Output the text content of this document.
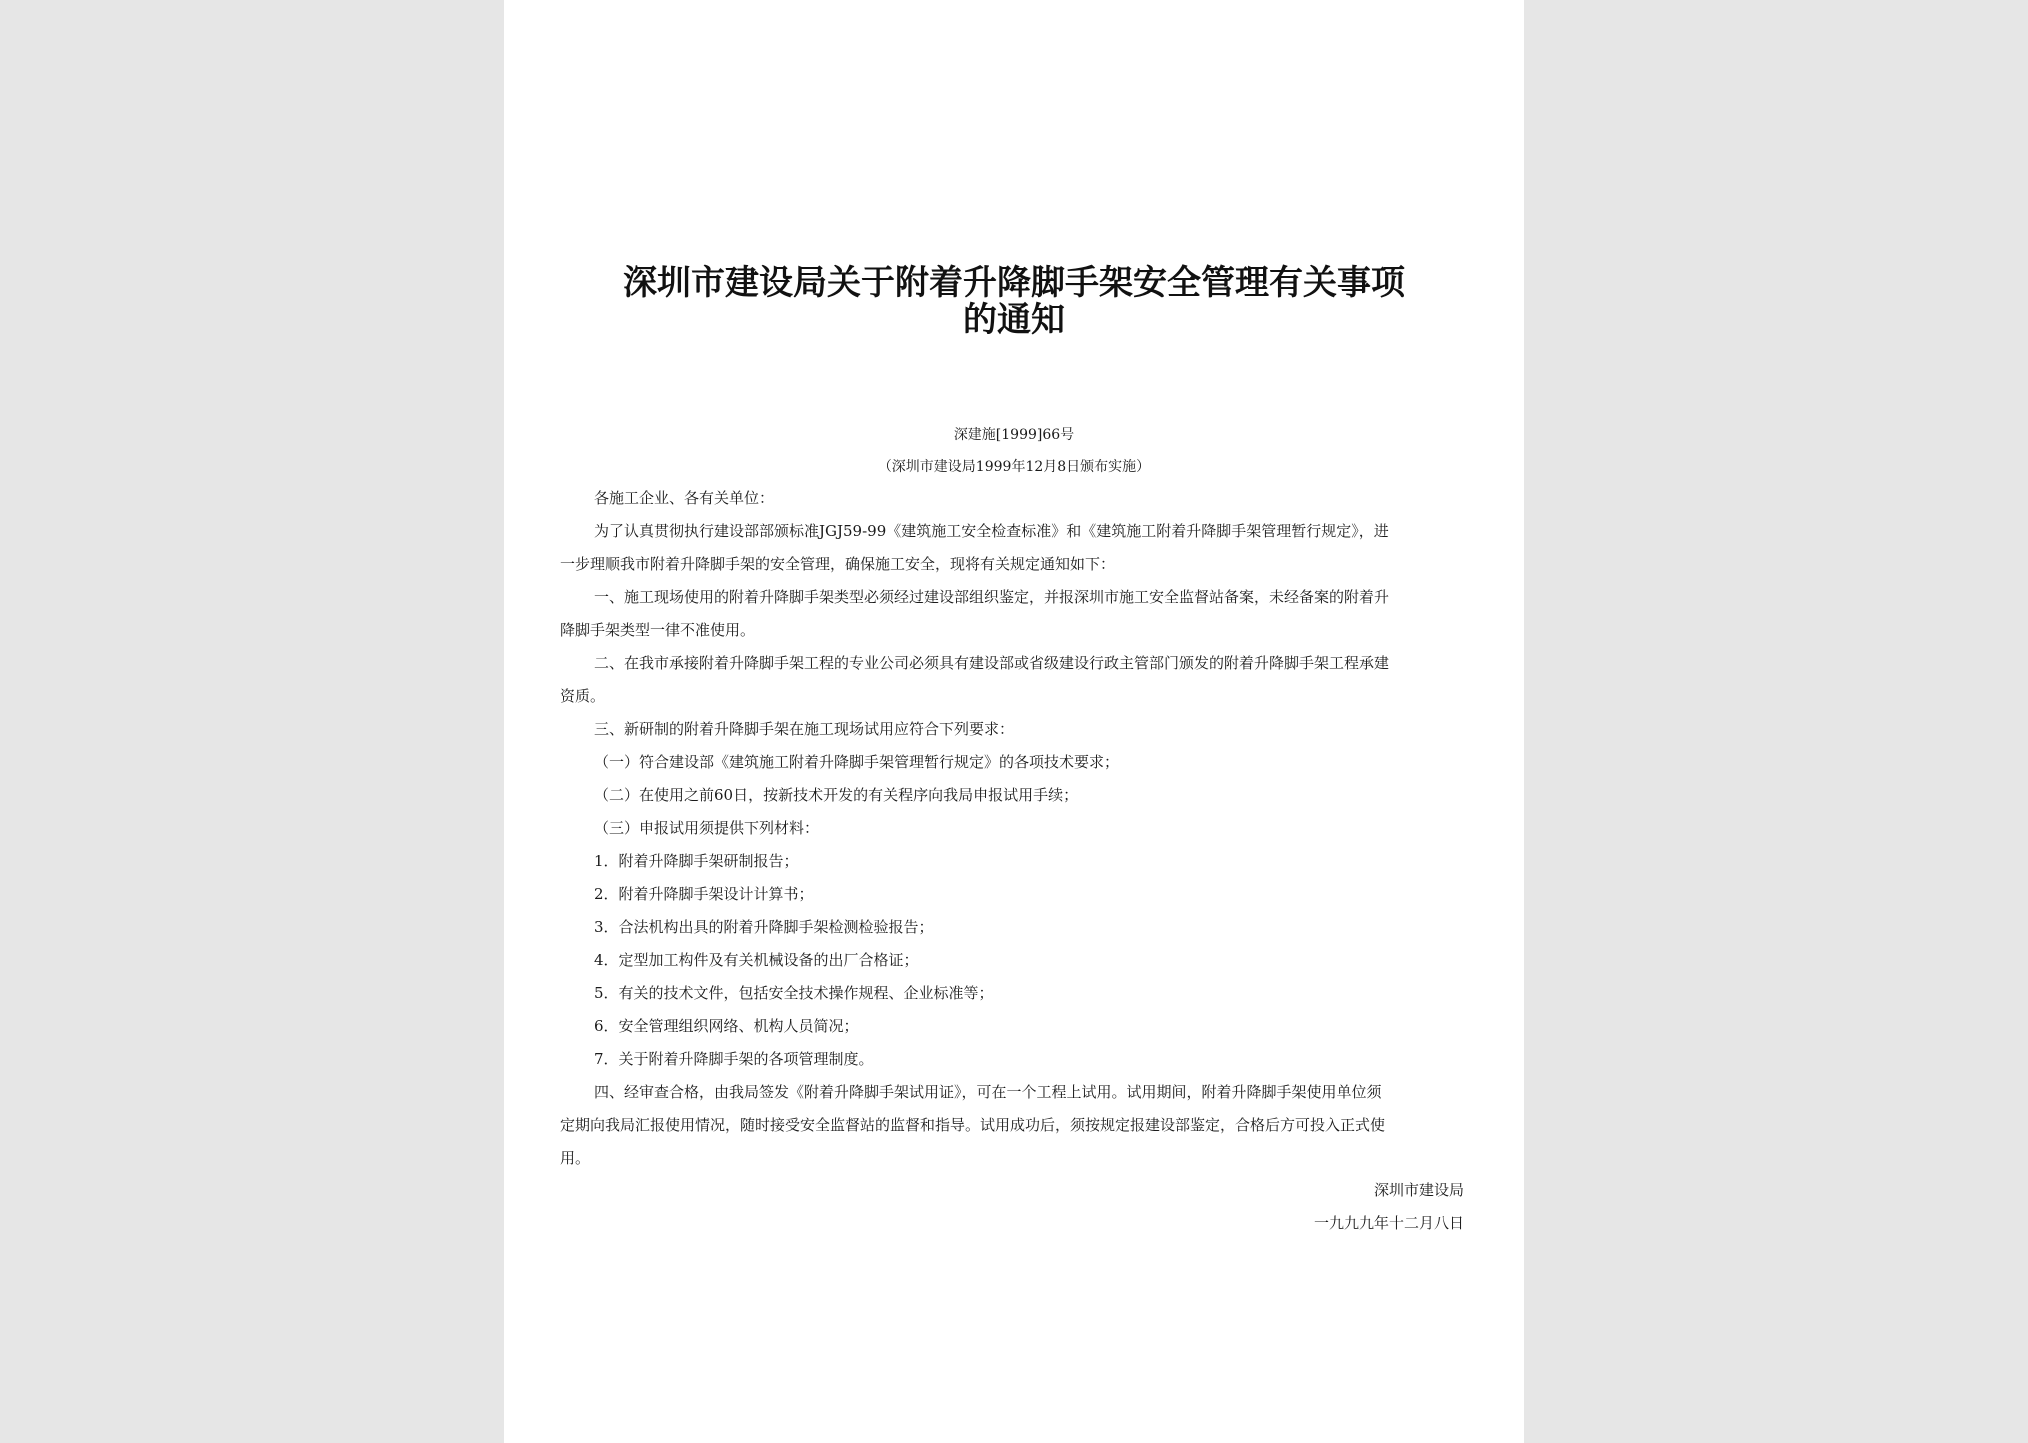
深圳市建设局关于附着升降脚手架安全管理有关事项
的通知
深建施[1999]66号
（深圳市建设局1999年12月8日颁布实施）
各施工企业、各有关单位：
为了认真贯彻执行建设部部颁标准JGJ59-99《建筑施工安全检查标准》和《建筑施工附着升降脚手架管理暂行规定》，进
一步理顺我市附着升降脚手架的安全管理，确保施工安全，现将有关规定通知如下：
一、施工现场使用的附着升降脚手架类型必须经过建设部组织鉴定，并报深圳市施工安全监督站备案，未经备案的附着升
降脚手架类型一律不准使用。
二、在我市承接附着升降脚手架工程的专业公司必须具有建设部或省级建设行政主管部门颁发的附着升降脚手架工程承建
资质。
三、新研制的附着升降脚手架在施工现场试用应符合下列要求：
（一）符合建设部《建筑施工附着升降脚手架管理暂行规定》的各项技术要求；
（二）在使用之前60日，按新技术开发的有关程序向我局申报试用手续；
（三）申报试用须提供下列材料：
1．附着升降脚手架研制报告；
2．附着升降脚手架设计计算书；
3．合法机构出具的附着升降脚手架检测检验报告；
4．定型加工构件及有关机械设备的出厂合格证；
5．有关的技术文件，包括安全技术操作规程、企业标准等；
6．安全管理组织网络、机构人员简况；
7．关于附着升降脚手架的各项管理制度。
四、经审查合格，由我局签发《附着升降脚手架试用证》，可在一个工程上试用。试用期间，附着升降脚手架使用单位须
定期向我局汇报使用情况，随时接受安全监督站的监督和指导。试用成功后，须按规定报建设部鉴定，合格后方可投入正式使
用。
深圳市建设局
一九九九年十二月八日
